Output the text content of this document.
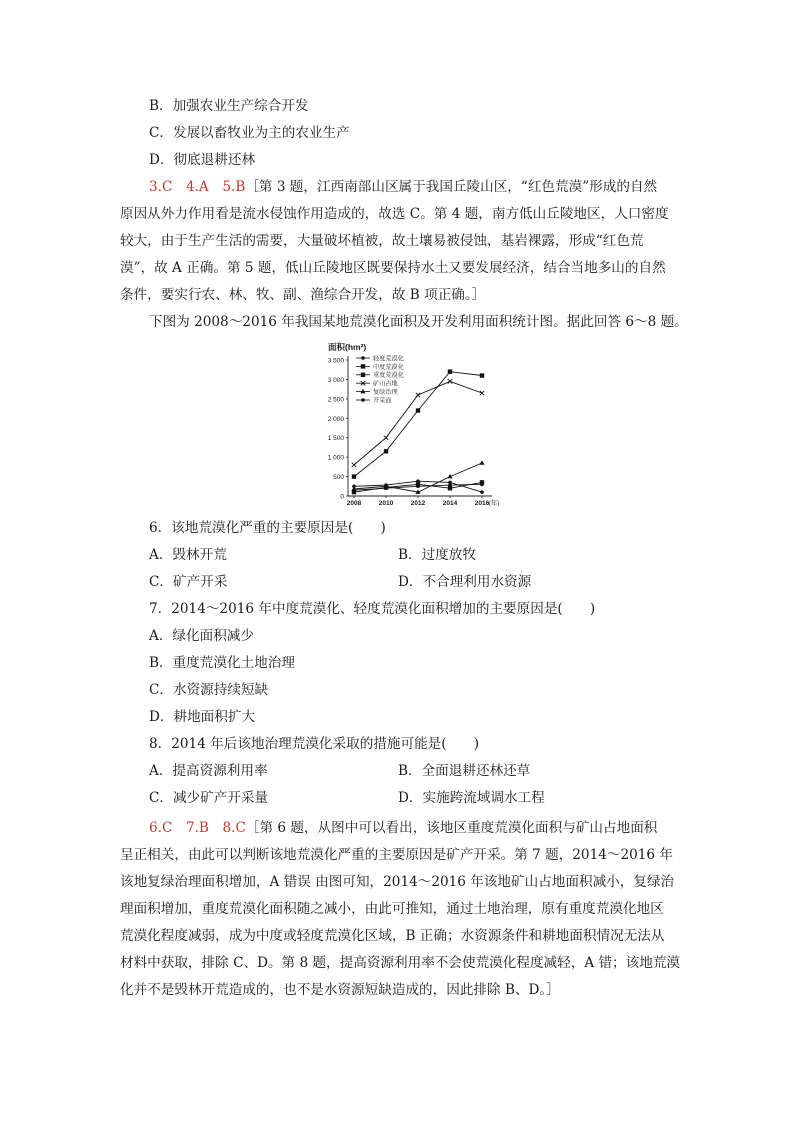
B．加强农业生产综合开发
C．发展以畜牧业为主的农业生产
D．彻底退耕还林
3.C　4.A　5.B［第 3 题，江西南部山区属于我国丘陵山区，“红色荒漠”形成的自然
原因从外力作用看是流水侵蚀作用造成的，故选 C。第 4 题，南方低山丘陵地区，人口密度
较大，由于生产生活的需要，大量破坏植被，故土壤易被侵蚀，基岩裸露，形成“红色荒
漠”，故 A 正确。第 5 题，低山丘陵地区既要保持水土又要发展经济，结合当地多山的自然
条件，要实行农、林、牧、副、渔综合开发，故 B 项正确。］
下图为 2008～2016 年我国某地荒漠化面积及开发利用面积统计图。据此回答 6～8 题。
面积(hm²)
0
500
1 000
1 500
2 000
2 500
3 000
3 500
2008	2010	2012	2014	2016 (年)
轻度荒漠化
中度荒漠化
重度荒漠化
矿山占地
复绿治理
开采面
6．该地荒漠化严重的主要原因是(　　)
A．毁林开荒	B．过度放牧
C．矿产开采	D．不合理利用水资源
7．2014～2016 年中度荒漠化、轻度荒漠化面积增加的主要原因是(　　)
A．绿化面积减少
B．重度荒漠化土地治理
C．水资源持续短缺
D．耕地面积扩大
8．2014 年后该地治理荒漠化采取的措施可能是(　　)
A．提高资源利用率	B．全面退耕还林还草
C．减少矿产开采量	D．实施跨流域调水工程
6.C　7.B　8.C［第 6 题，从图中可以看出，该地区重度荒漠化面积与矿山占地面积
呈正相关，由此可以判断该地荒漠化严重的主要原因是矿产开采。第 7 题，2014～2016 年
该地复绿治理面积增加，A 错误 由图可知，2014～2016 年该地矿山占地面积减小，复绿治
理面积增加，重度荒漠化面积随之减小，由此可推知，通过土地治理，原有重度荒漠化地区
荒漠化程度减弱，成为中度或轻度荒漠化区域，B 正确；水资源条件和耕地面积情况无法从
材料中获取，排除 C、D。第 8 题，提高资源利用率不会使荒漠化程度减轻，A 错；该地荒漠
化并不是毁林开荒造成的，也不是水资源短缺造成的，因此排除 B、D。］
